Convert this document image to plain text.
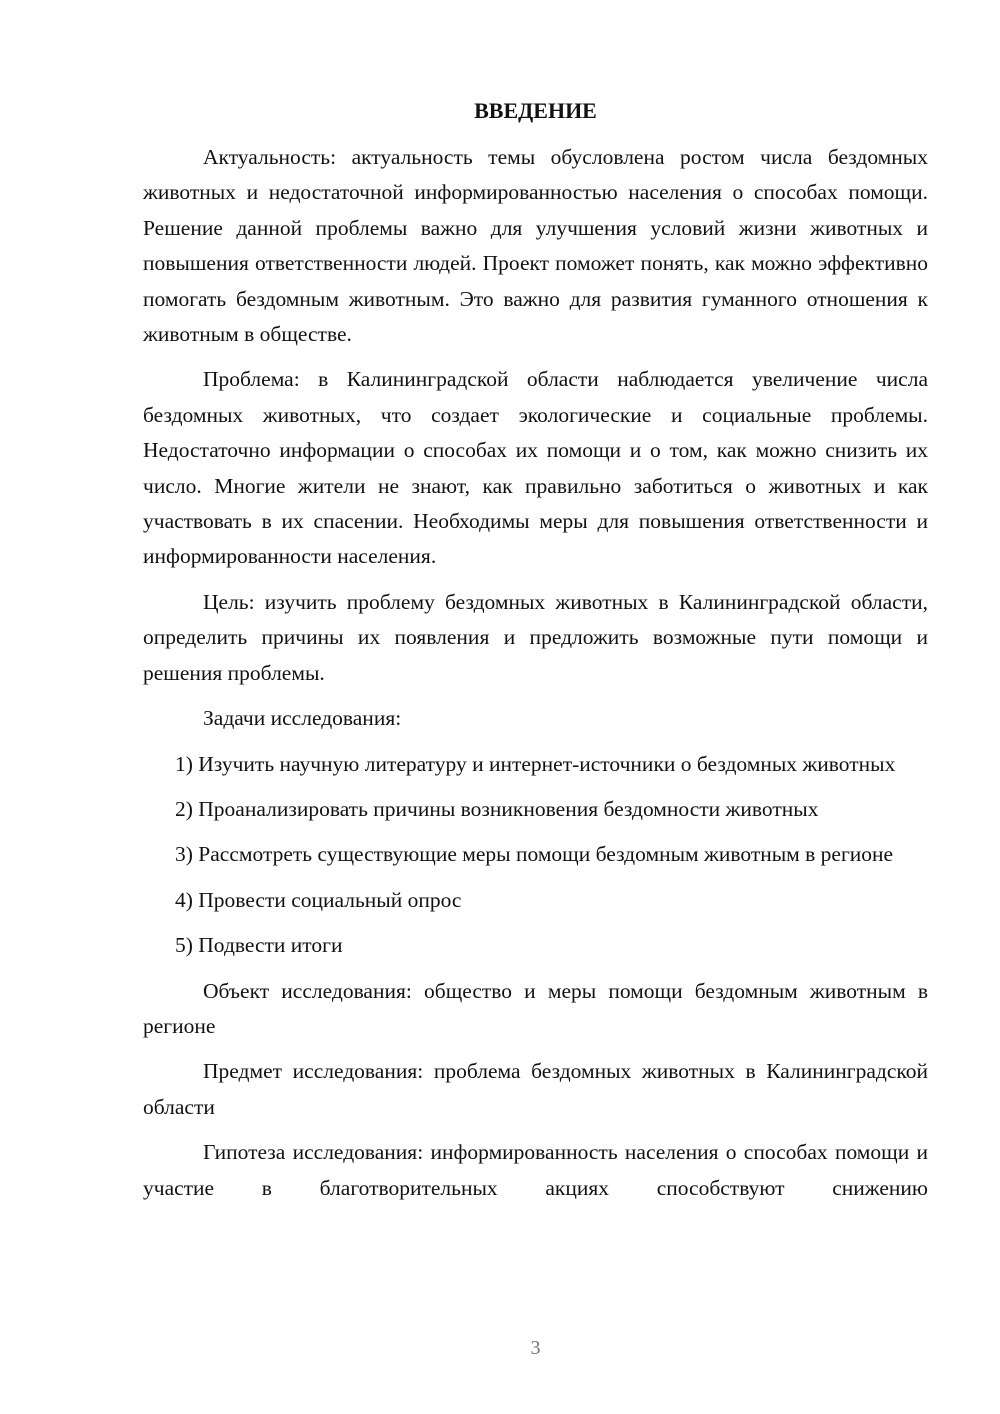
ВВЕДЕНИЕ

Актуальность: актуальность темы обусловлена ростом числа бездомных животных и недостаточной информированностью населения о способах помощи. Решение данной проблемы важно для улучшения условий жизни животных и повышения ответственности людей. Проект поможет понять, как можно эффективно помогать бездомным животным. Это важно для развития гуманного отношения к животным в обществе.

Проблема: в Калининградской области наблюдается увеличение числа бездомных животных, что создает экологические и социальные проблемы. Недостаточно информации о способах их помощи и о том, как можно снизить их число. Многие жители не знают, как правильно заботиться о животных и как участвовать в их спасении. Необходимы меры для повышения ответственности и информированности населения.

Цель: изучить проблему бездомных животных в Калининградской области, определить причины их появления и предложить возможные пути помощи и решения проблемы.

Задачи исследования:

1) Изучить научную литературу и интернет-источники о бездомных животных

2) Проанализировать причины возникновения бездомности животных

3) Рассмотреть существующие меры помощи бездомным животным в регионе

4) Провести социальный опрос

5) Подвести итоги

Объект исследования: общество и меры помощи бездомным животным в регионе

Предмет исследования: проблема бездомных животных в Калининградской области

Гипотеза исследования: информированность населения о способах помощи и участие в благотворительных акциях способствуют снижению

3
